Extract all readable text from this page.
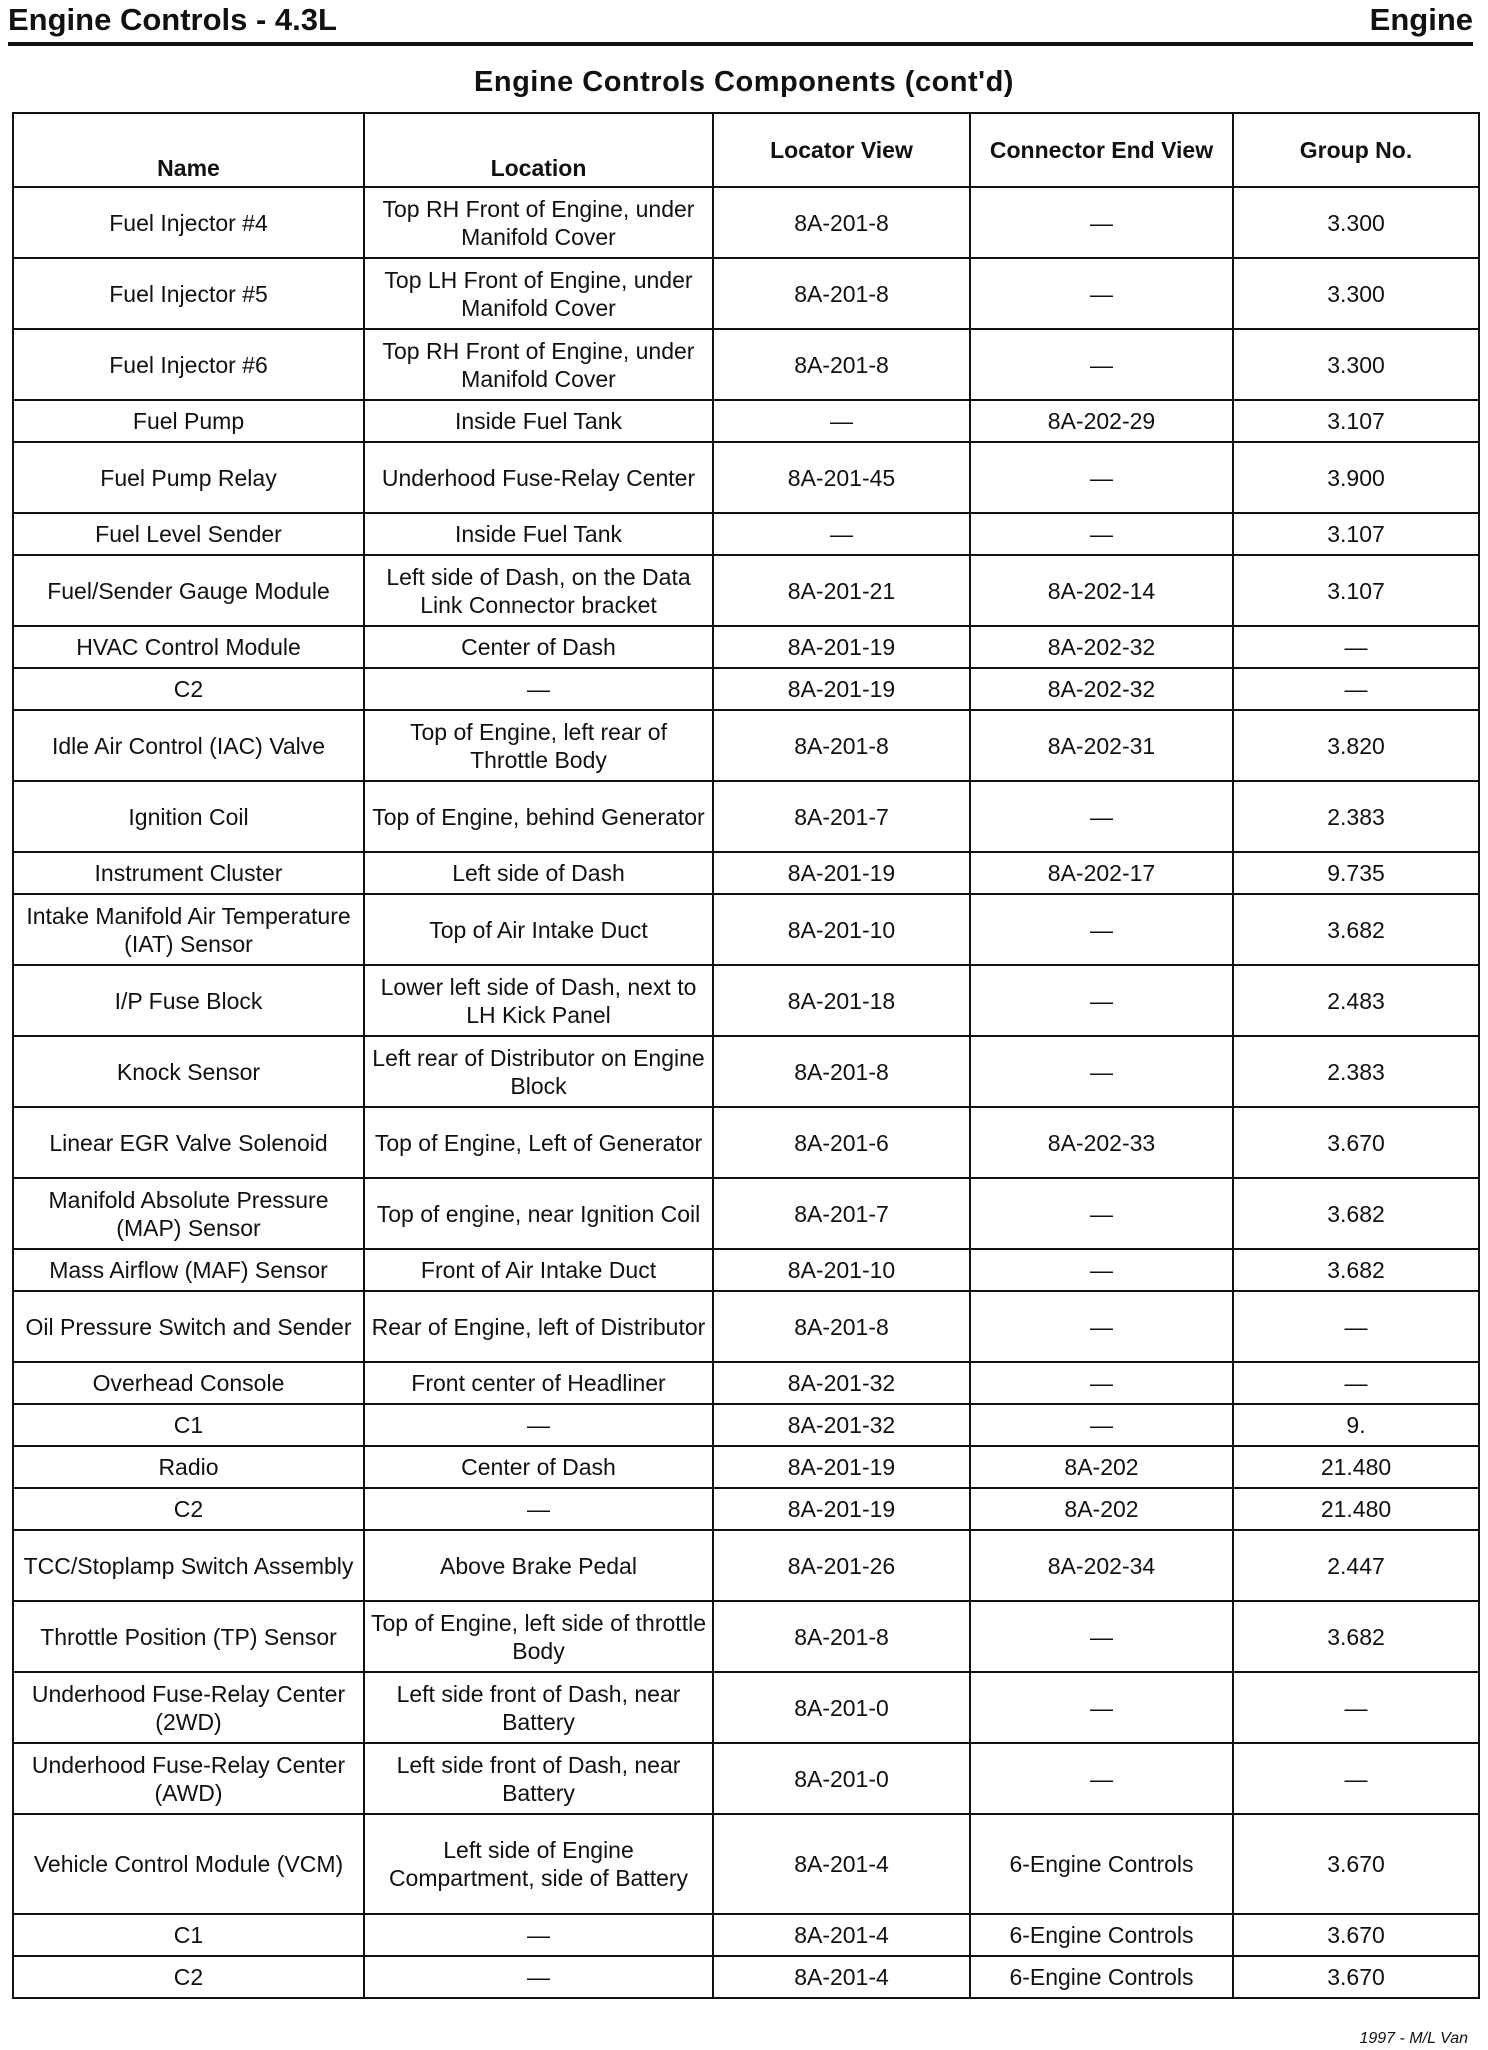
Engine Controls - 4.3L	Engine
Engine Controls Components (cont'd)
Name	Location	Locator View	Connector End View	Group No.
Fuel Injector #4	Top RH Front of Engine, under Manifold Cover	8A-201-8	—	3.300
Fuel Injector #5	Top LH Front of Engine, under Manifold Cover	8A-201-8	—	3.300
Fuel Injector #6	Top RH Front of Engine, under Manifold Cover	8A-201-8	—	3.300
Fuel Pump	Inside Fuel Tank	—	8A-202-29	3.107
Fuel Pump Relay	Underhood Fuse-Relay Center	8A-201-45	—	3.900
Fuel Level Sender	Inside Fuel Tank	—	—	3.107
Fuel/Sender Gauge Module	Left side of Dash, on the Data Link Connector bracket	8A-201-21	8A-202-14	3.107
HVAC Control Module	Center of Dash	8A-201-19	8A-202-32	—
C2	—	8A-201-19	8A-202-32	—
Idle Air Control (IAC) Valve	Top of Engine, left rear of Throttle Body	8A-201-8	8A-202-31	3.820
Ignition Coil	Top of Engine, behind Generator	8A-201-7	—	2.383
Instrument Cluster	Left side of Dash	8A-201-19	8A-202-17	9.735
Intake Manifold Air Temperature (IAT) Sensor	Top of Air Intake Duct	8A-201-10	—	3.682
I/P Fuse Block	Lower left side of Dash, next to LH Kick Panel	8A-201-18	—	2.483
Knock Sensor	Left rear of Distributor on Engine Block	8A-201-8	—	2.383
Linear EGR Valve Solenoid	Top of Engine, Left of Generator	8A-201-6	8A-202-33	3.670
Manifold Absolute Pressure (MAP) Sensor	Top of engine, near Ignition Coil	8A-201-7	—	3.682
Mass Airflow (MAF) Sensor	Front of Air Intake Duct	8A-201-10	—	3.682
Oil Pressure Switch and Sender	Rear of Engine, left of Distributor	8A-201-8	—	—
Overhead Console	Front center of Headliner	8A-201-32	—	—
C1	—	8A-201-32	—	9.
Radio	Center of Dash	8A-201-19	8A-202	21.480
C2	—	8A-201-19	8A-202	21.480
TCC/Stoplamp Switch Assembly	Above Brake Pedal	8A-201-26	8A-202-34	2.447
Throttle Position (TP) Sensor	Top of Engine, left side of throttle Body	8A-201-8	—	3.682
Underhood Fuse-Relay Center (2WD)	Left side front of Dash, near Battery	8A-201-0	—	—
Underhood Fuse-Relay Center (AWD)	Left side front of Dash, near Battery	8A-201-0	—	—
Vehicle Control Module (VCM)	Left side of Engine Compartment, side of Battery	8A-201-4	6-Engine Controls	3.670
C1	—	8A-201-4	6-Engine Controls	3.670
C2	—	8A-201-4	6-Engine Controls	3.670
1997 - M/L Van
